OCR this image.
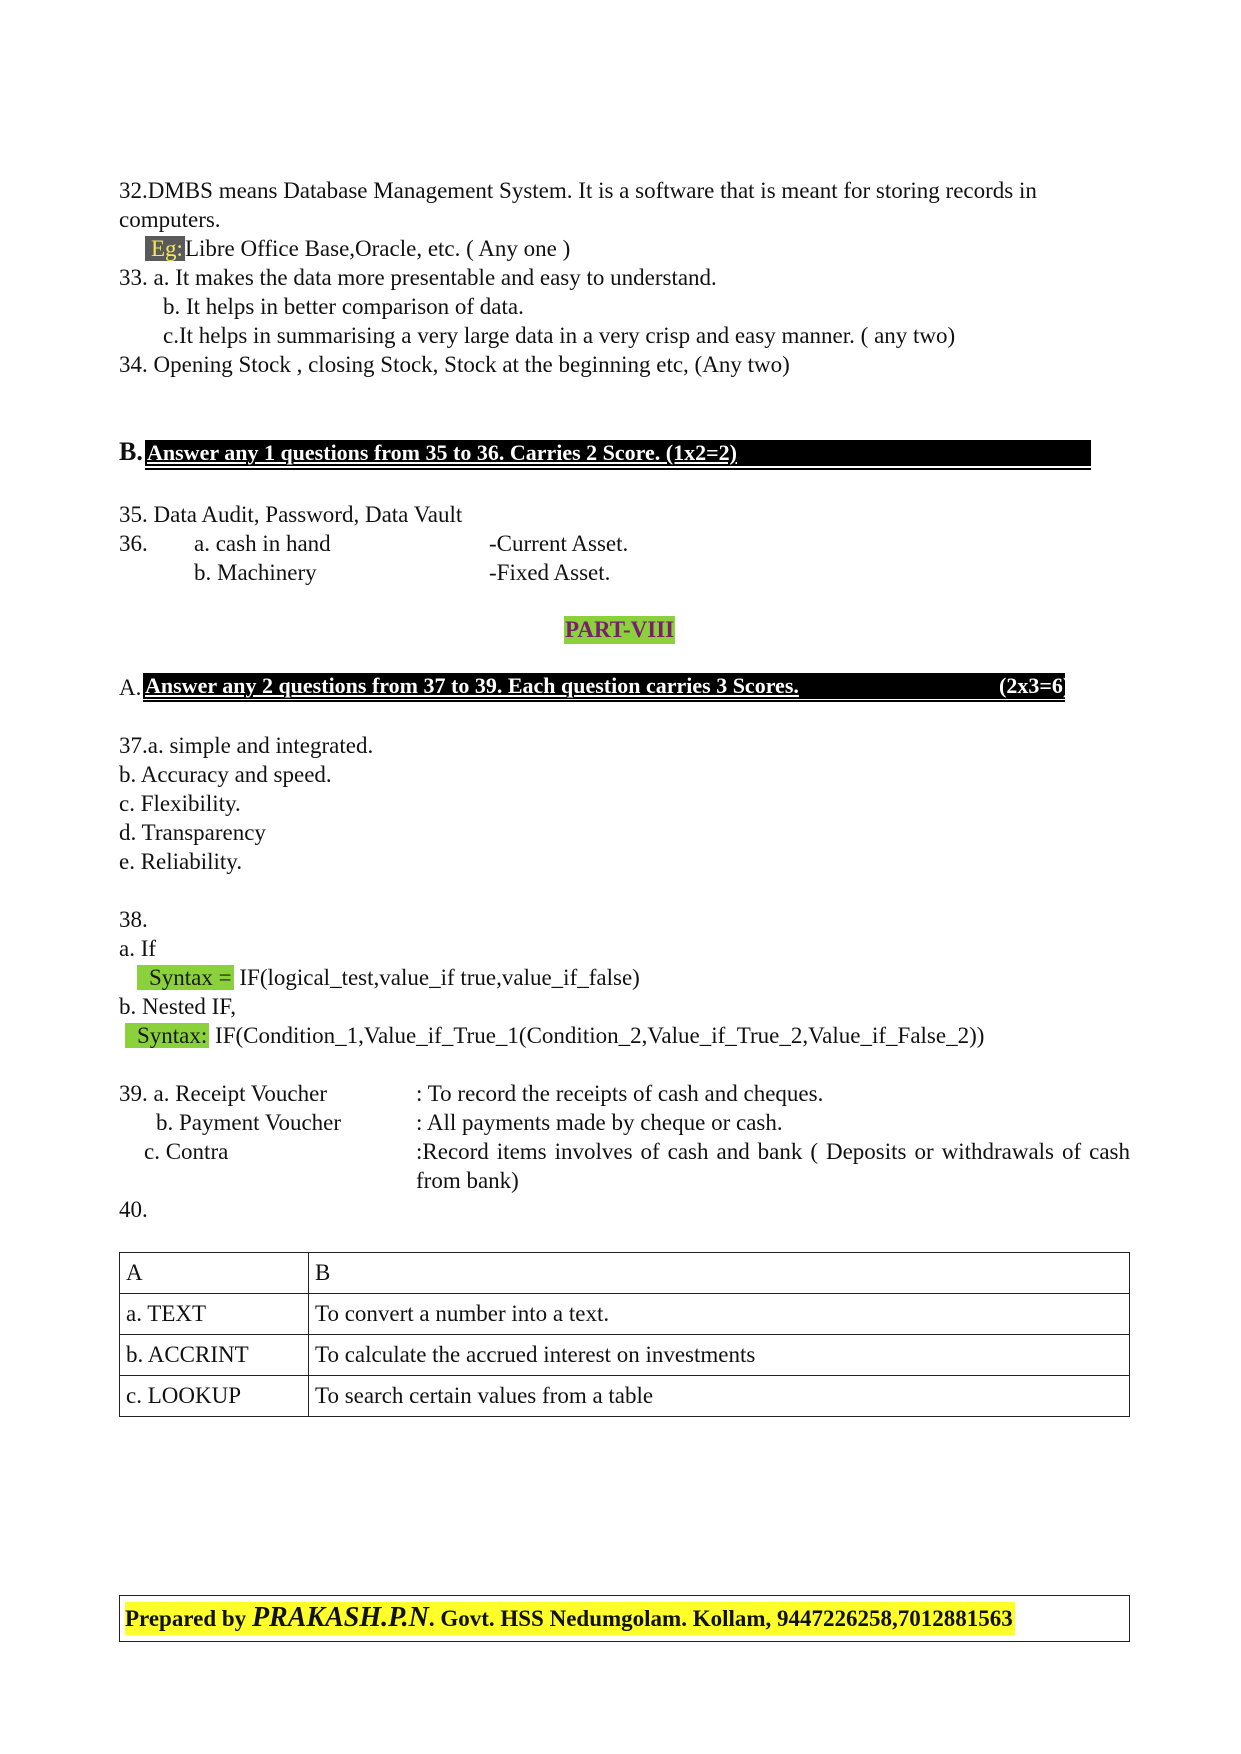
32.DMBS means Database Management System. It is a software that is meant for storing records in
computers.
Eg:Libre Office Base,Oracle, etc. ( Any one )
33. a. It makes the data more presentable and easy to understand.
b. It helps in better comparison of data.
c.It helps in summarising a very large data in a very crisp and easy manner. ( any two)
34. Opening Stock , closing Stock, Stock at the beginning etc, (Any two)
B. Answer any 1 questions from 35 to 36. Carries 2 Score. (1x2=2)
35. Data Audit, Password, Data Vault
36. a. cash in hand	-Current Asset.
b. Machinery	-Fixed Asset.
PART-VIII
A. Answer any 2 questions from 37 to 39. Each question carries 3 Scores.	(2x3=6) .
37.a. simple and integrated.
b. Accuracy and speed.
c. Flexibility.
d. Transparency
e. Reliability.
38.
a. If
Syntax = IF(logical_test,value_if true,value_if_false)
b. Nested IF,
Syntax: IF(Condition_1,Value_if_True_1(Condition_2,Value_if_True_2,Value_if_False_2))
39. a. Receipt Voucher	: To record the receipts of cash and cheques.
b. Payment Voucher	: All payments made by cheque or cash.
c. Contra	:Record items involves of cash and bank ( Deposits or withdrawals of cash from bank)
40.
A	B
a. TEXT	To convert a number into a text.
b. ACCRINT	To calculate the accrued interest on investments
c. LOOKUP	To search certain values from a table
Prepared by PRAKASH.P.N. Govt. HSS Nedumgolam. Kollam, 9447226258,7012881563
